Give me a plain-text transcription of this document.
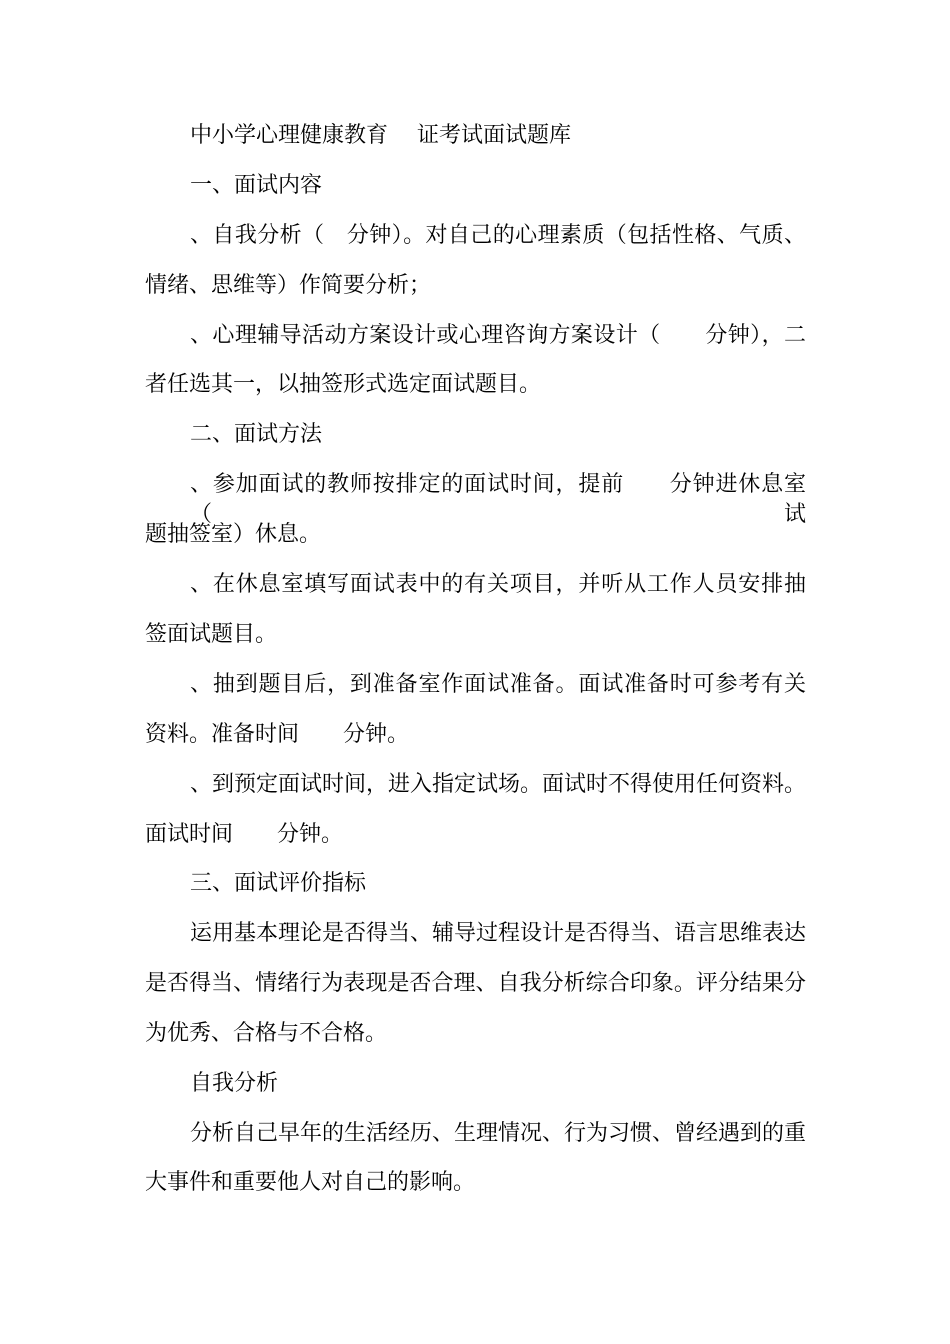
中小学心理健康教育　 证考试面试题库
一、面试内容
、自我分析（　分钟）。对自己的心理素质（包括性格、气质、
情绪、思维等）作简要分析；
、心理辅导活动方案设计或心理咨询方案设计（　　分钟），二
者任选其一，以抽签形式选定面试题目。
二、面试方法
、参加面试的教师按排定的面试时间，提前　　分钟进休息室（试
题抽签室）休息。
、在休息室填写面试表中的有关项目，并听从工作人员安排抽
签面试题目。
、抽到题目后，到准备室作面试准备。面试准备时可参考有关
资料。准备时间　　分钟。
、到预定面试时间，进入指定试场。面试时不得使用任何资料。
面试时间　　分钟。
三、面试评价指标
运用基本理论是否得当、辅导过程设计是否得当、语言思维表达
是否得当、情绪行为表现是否合理、自我分析综合印象。评分结果分
为优秀、合格与不合格。
自我分析
分析自己早年的生活经历、生理情况、行为习惯、曾经遇到的重
大事件和重要他人对自己的影响。
